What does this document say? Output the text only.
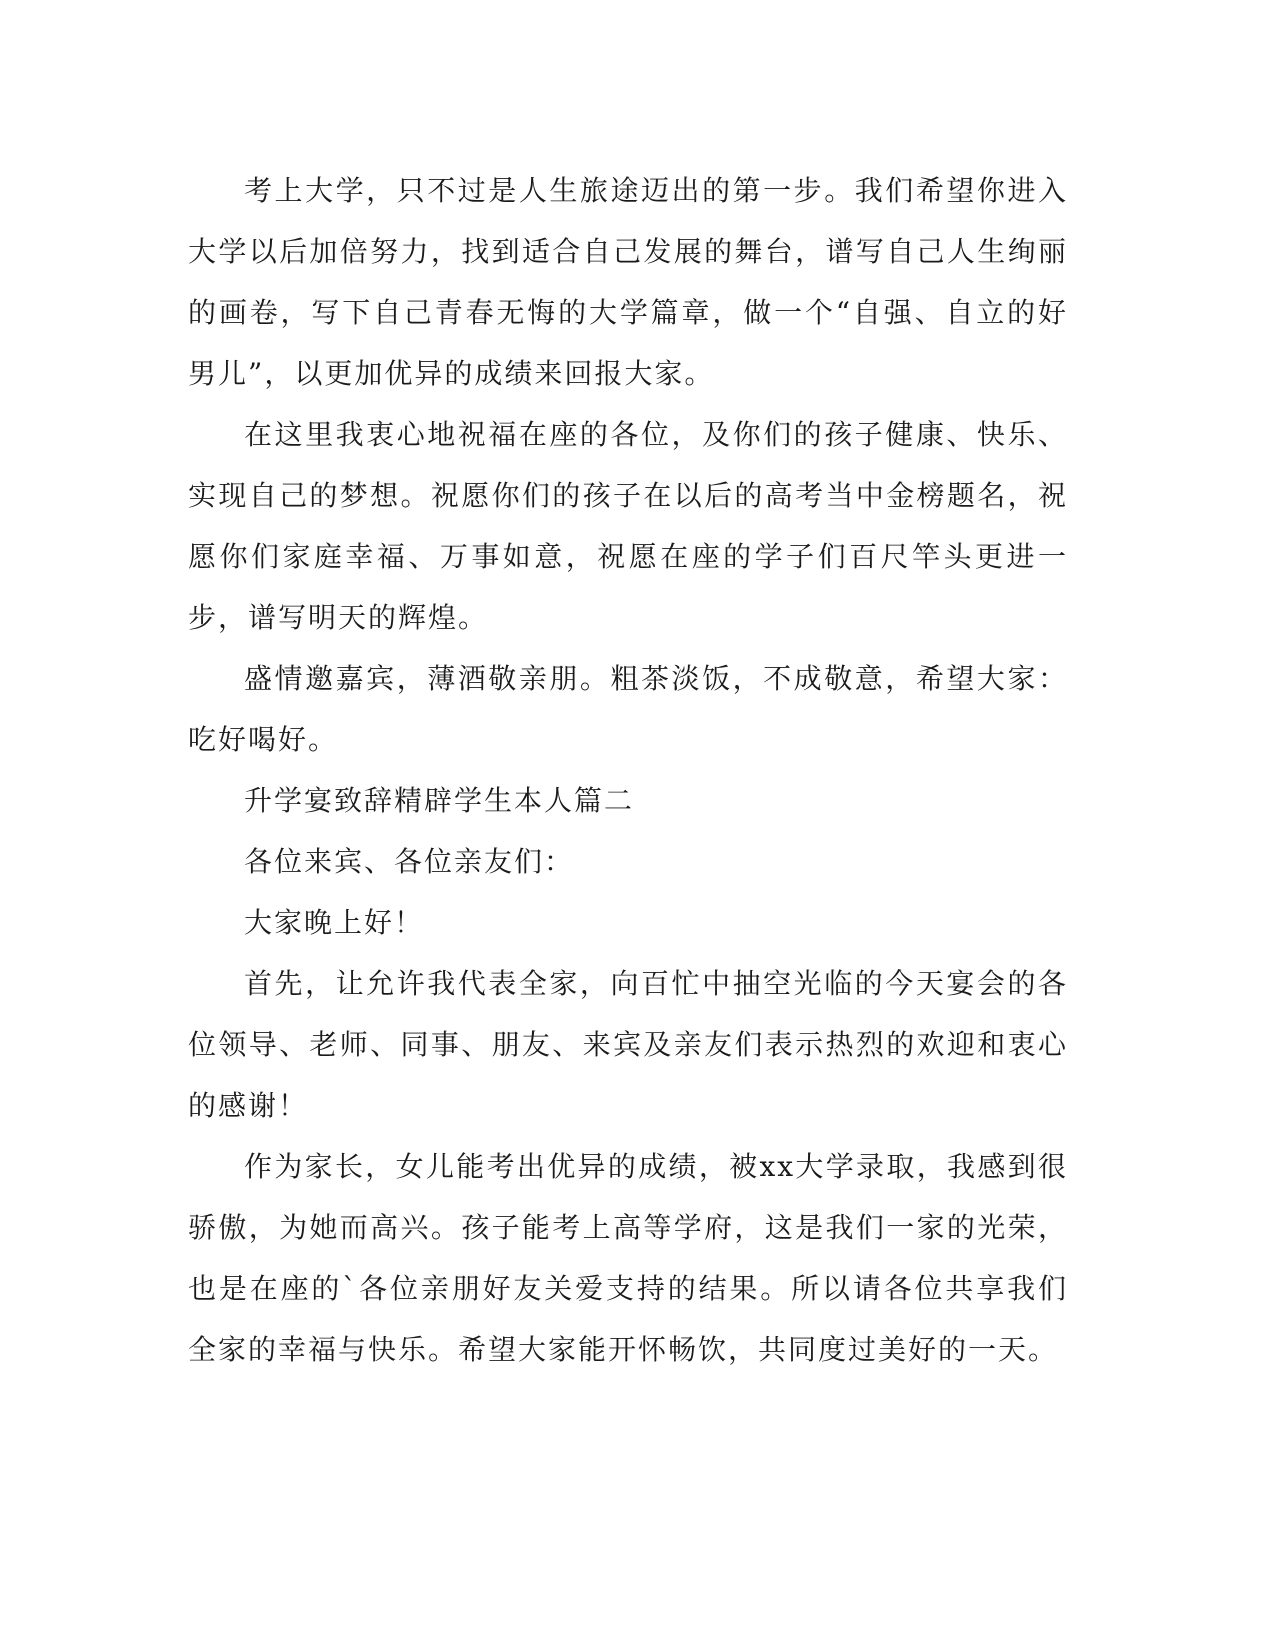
考上大学，只不过是人生旅途迈出的第一步。我们希望你进入大学以后加倍努力，找到适合自己发展的舞台，谱写自己人生绚丽的画卷，写下自己青春无悔的大学篇章，做一个“自强、自立的好男儿”，以更加优异的成绩来回报大家。

在这里我衷心地祝福在座的各位，及你们的孩子健康、快乐、实现自己的梦想。祝愿你们的孩子在以后的高考当中金榜题名，祝愿你们家庭幸福、万事如意，祝愿在座的学子们百尺竿头更进一步，谱写明天的辉煌。

盛情邀嘉宾，薄酒敬亲朋。粗茶淡饭，不成敬意，希望大家：吃好喝好。

升学宴致辞精辟学生本人篇二

各位来宾、各位亲友们：

大家晚上好！

首先，让允许我代表全家，向百忙中抽空光临的今天宴会的各位领导、老师、同事、朋友、来宾及亲友们表示热烈的欢迎和衷心的感谢！

作为家长，女儿能考出优异的成绩，被xx大学录取，我感到很骄傲，为她而高兴。孩子能考上高等学府，这是我们一家的光荣，也是在座的`各位亲朋好友关爱支持的结果。所以请各位共享我们全家的幸福与快乐。希望大家能开怀畅饮，共同度过美好的一天。
